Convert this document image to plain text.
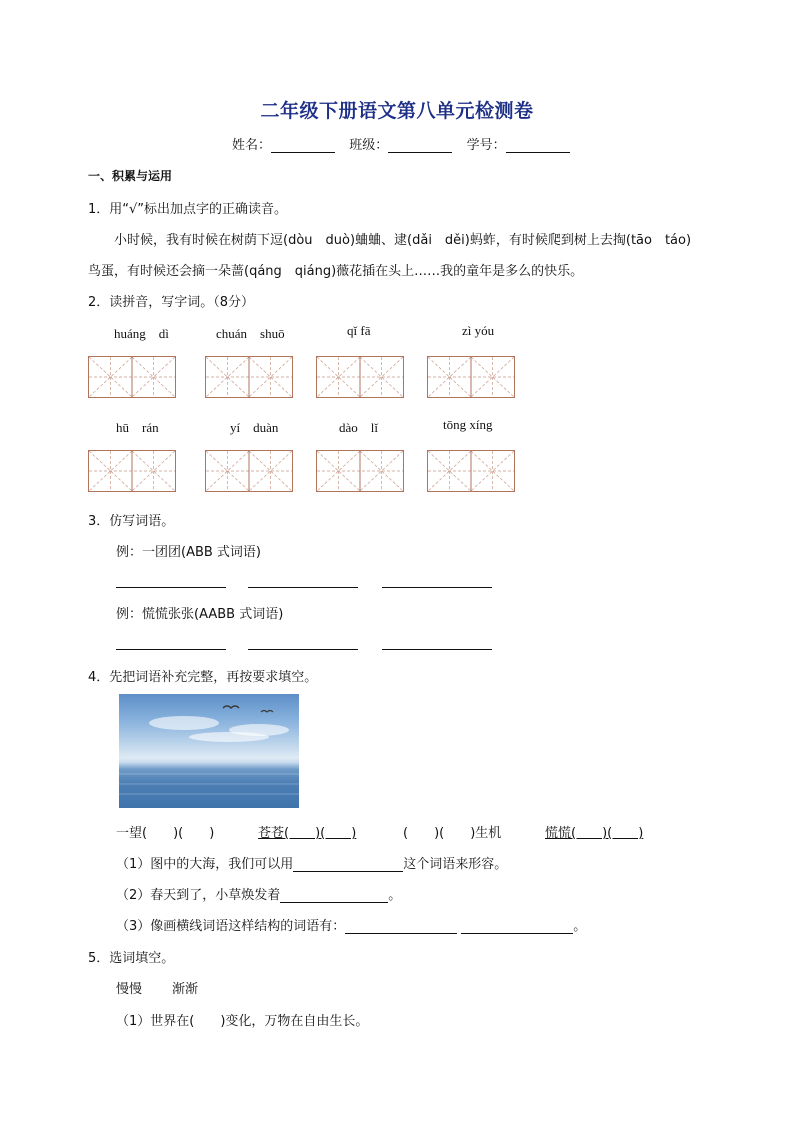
二年级下册语文第八单元检测卷
姓名：	班级：	学号：
一、积累与运用
1．用“√”标出加点字的正确读音。
小时候，我有时候在树荫下逗(dòu　duò)蛐蛐、逮(dǎi　děi)蚂蚱，有时候爬到树上去掏(tāo　táo)
鸟蛋，有时候还会摘一朵蔷(qáng　qiáng)薇花插在头上……我的童年是多么的快乐。
2．读拼音，写字词。（8分）
huáng　dì	chuán　shuō	qǐ fā	zì yóu
hū　rán	yí　duàn	dào　lǐ	tōng xíng
3．仿写词语。
例：一团团(ABB 式词语)
例：慌慌张张(AABB 式词语)
4．先把词语补充完整，再按要求填空。
一望(　　)(　　)	苍苍(　　)(　　)	(　　)(　　)生机	慌慌(　　)(　　)
（1）图中的大海，我们可以用	这个词语来形容。
（2）春天到了，小草焕发着	。
（3）像画横线词语这样结构的词语有：	。
5．选词填空。
慢慢 渐渐
（1）世界在(　　)变化，万物在自由生长。
